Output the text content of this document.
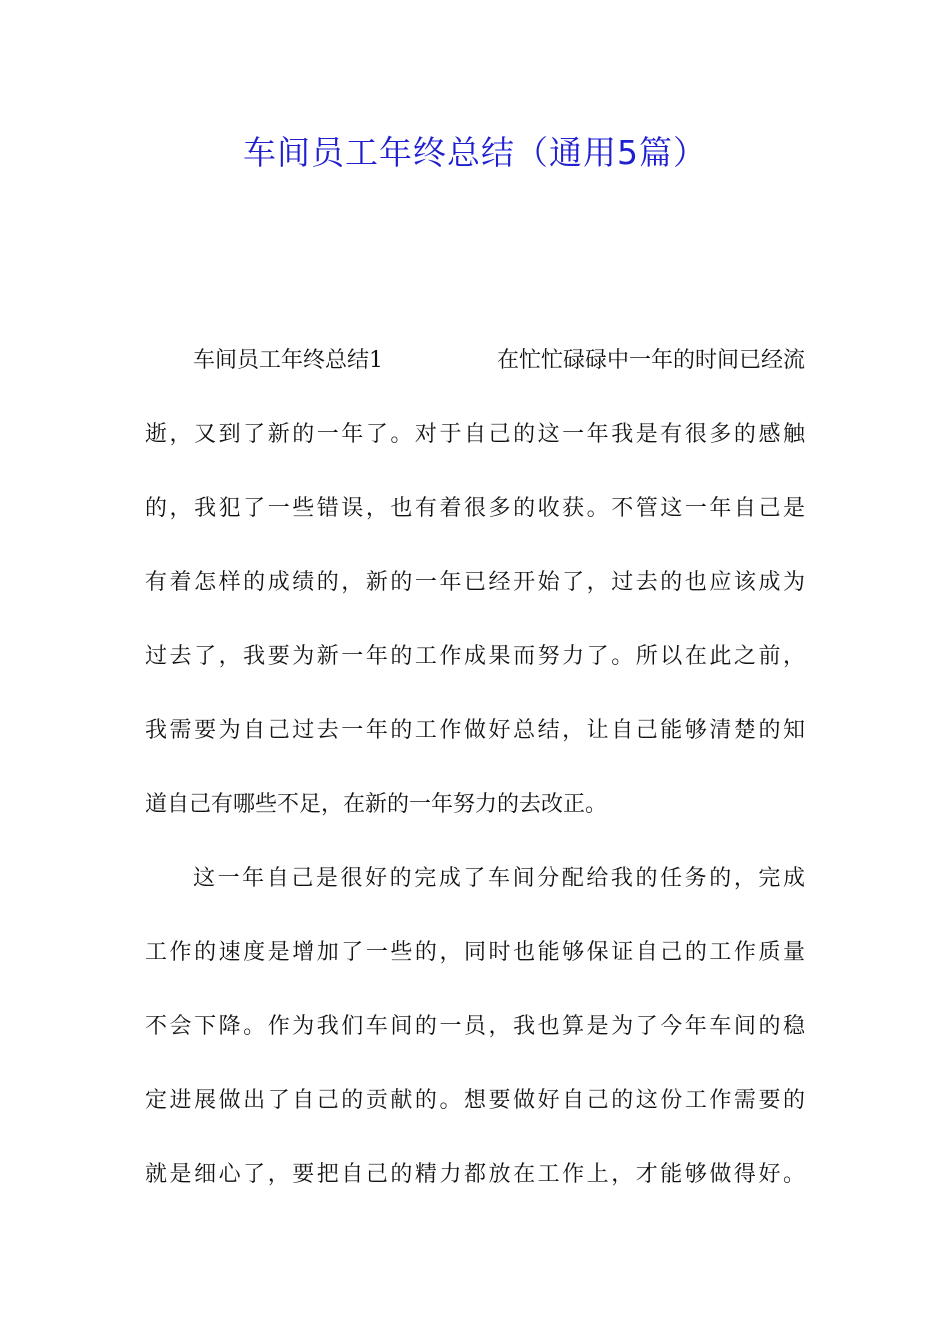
车间员工年终总结（通用5篇）
车间员工年终总结1	在忙忙碌碌中一年的时间已经流
逝，又到了新的一年了。对于自己的这一年我是有很多的感触
的，我犯了一些错误，也有着很多的收获。不管这一年自己是
有着怎样的成绩的，新的一年已经开始了，过去的也应该成为
过去了，我要为新一年的工作成果而努力了。所以在此之前，
我需要为自己过去一年的工作做好总结，让自己能够清楚的知
道自己有哪些不足，在新的一年努力的去改正。
这一年自己是很好的完成了车间分配给我的任务的，完成
工作的速度是增加了一些的，同时也能够保证自己的工作质量
不会下降。作为我们车间的一员，我也算是为了今年车间的稳
定进展做出了自己的贡献的。想要做好自己的这份工作需要的
就是细心了，要把自己的精力都放在工作上，才能够做得好。
